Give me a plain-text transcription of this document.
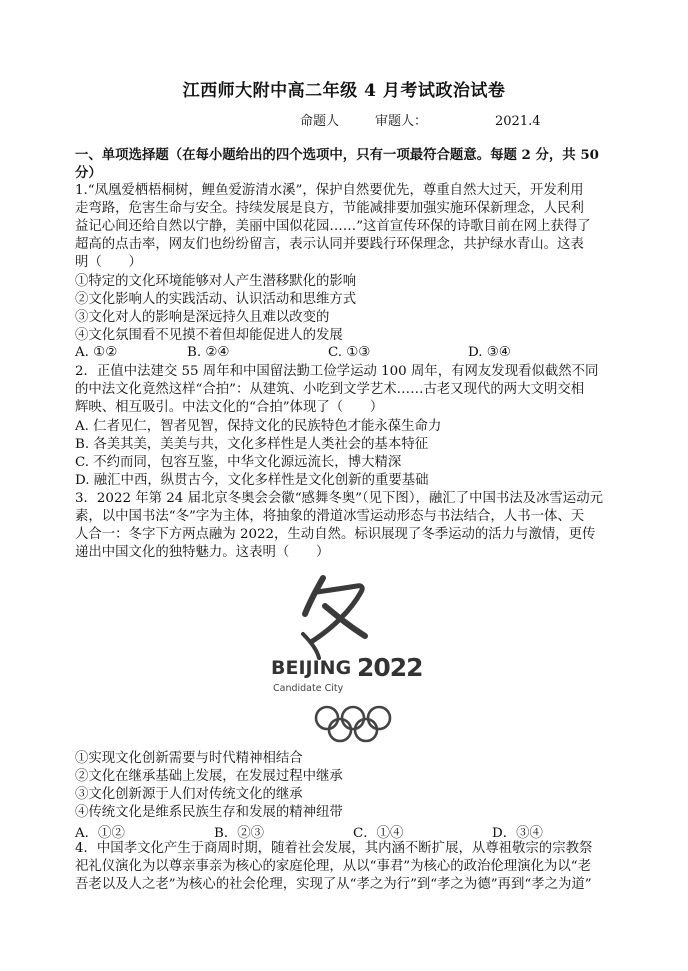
江西师大附中高二年级 4 月考试政治试卷
命题人	审题人：	2021.4
一、单项选择题（在每小题给出的四个选项中，只有一项最符合题意。每题 2 分，共 50
分）
1.“凤凰爱栖梧桐树，鲤鱼爱游清水溪”，保护自然要优先，尊重自然大过天，开发利用
走弯路，危害生命与安全。持续发展是良方，节能减排要加强实施环保新理念，人民利
益记心间还给自然以宁静，美丽中国似花园……”这首宣传环保的诗歌目前在网上获得了
超高的点击率，网友们也纷纷留言，表示认同并要践行环保理念，共护绿水青山。这表
明（　　）
①特定的文化环境能够对人产生潜移默化的影响
②文化影响人的实践活动、认识活动和思维方式
③文化对人的影响是深远持久且难以改变的
④文化氛围看不见摸不着但却能促进人的发展
A. ①②	B. ②④	C. ①③	D. ③④
2．正值中法建交 55 周年和中国留法勤工俭学运动 100 周年，有网友发现看似截然不同
的中法文化竟然这样“合拍”：从建筑、小吃到文学艺术……古老又现代的两大文明交相
辉映、相互吸引。中法文化的“合拍”体现了（　　）
A. 仁者见仁，智者见智，保持文化的民族特色才能永葆生命力
B. 各美其美，美美与共，文化多样性是人类社会的基本特征
C. 不约而同，包容互鉴，中华文化源远流长，博大精深
D. 融汇中西，纵贯古今，文化多样性是文化创新的重要基础
3．2022 年第 24 届北京冬奥会会徽“感舞冬奥”（见下图），融汇了中国书法及冰雪运动元
素，以中国书法“冬”字为主体，将抽象的滑道冰雪运动形态与书法结合，人书一体、天
人合一：冬字下方两点融为 2022，生动自然。标识展现了冬季运动的活力与激情，更传
递出中国文化的独特魅力。这表明（　　）
BEIJING 2022
Candidate City
①实现文化创新需要与时代精神相结合
②文化在继承基础上发展，在发展过程中继承
③文化创新源于人们对传统文化的继承
④传统文化是维系民族生存和发展的精神纽带
A．①②	B．②③	C．①④	D．③④
4．中国孝文化产生于商周时期，随着社会发展，其内涵不断扩展，从尊祖敬宗的宗教祭
祀礼仪演化为以尊亲事亲为核心的家庭伦理，从以“事君”为核心的政治伦理演化为以“老
吾老以及人之老”为核心的社会伦理，实现了从“孝之为行”到“孝之为德”再到“孝之为道”
